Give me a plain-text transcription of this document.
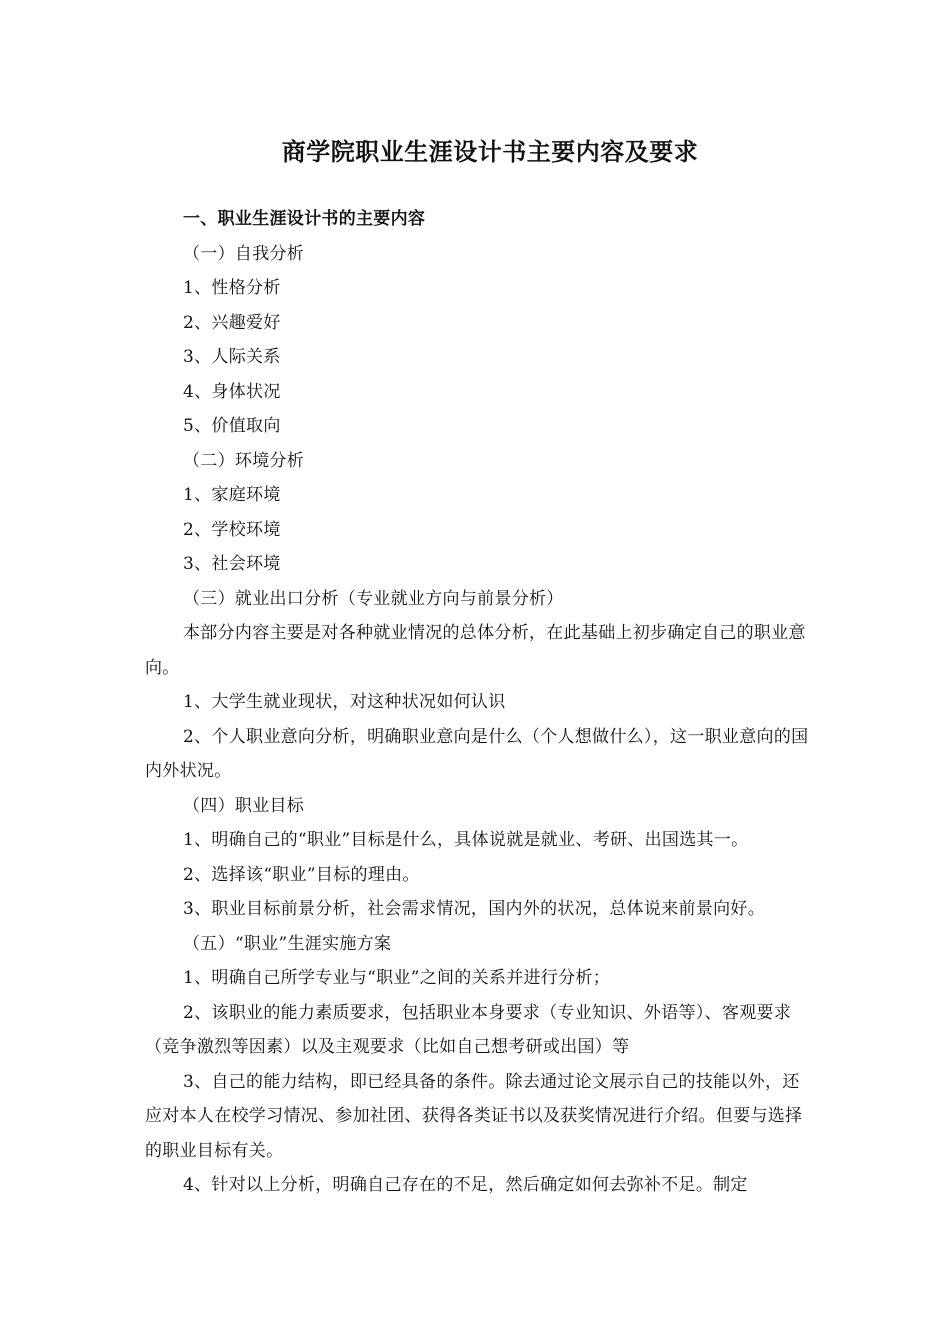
商学院职业生涯设计书主要内容及要求

一、职业生涯设计书的主要内容

（一）自我分析

1、性格分析

2、兴趣爱好

3、人际关系

4、身体状况

5、价值取向

（二）环境分析

1、家庭环境

2、学校环境

3、社会环境

（三）就业出口分析（专业就业方向与前景分析）

本部分内容主要是对各种就业情况的总体分析，在此基础上初步确定自己的职业意向。

1、大学生就业现状，对这种状况如何认识

2、个人职业意向分析，明确职业意向是什么（个人想做什么），这一职业意向的国内外状况。

（四）职业目标

1、明确自己的“职业”目标是什么，具体说就是就业、考研、出国选其一。

2、选择该“职业”目标的理由。

3、职业目标前景分析，社会需求情况，国内外的状况，总体说来前景向好。

（五）“职业”生涯实施方案

1、明确自己所学专业与“职业”之间的关系并进行分析；

2、该职业的能力素质要求，包括职业本身要求（专业知识、外语等）、客观要求（竞争激烈等因素）以及主观要求（比如自己想考研或出国）等

3、自己的能力结构，即已经具备的条件。除去通过论文展示自己的技能以外，还应对本人在校学习情况、参加社团、获得各类证书以及获奖情况进行介绍。但要与选择的职业目标有关。

4、针对以上分析，明确自己存在的不足，然后确定如何去弥补不足。制定
